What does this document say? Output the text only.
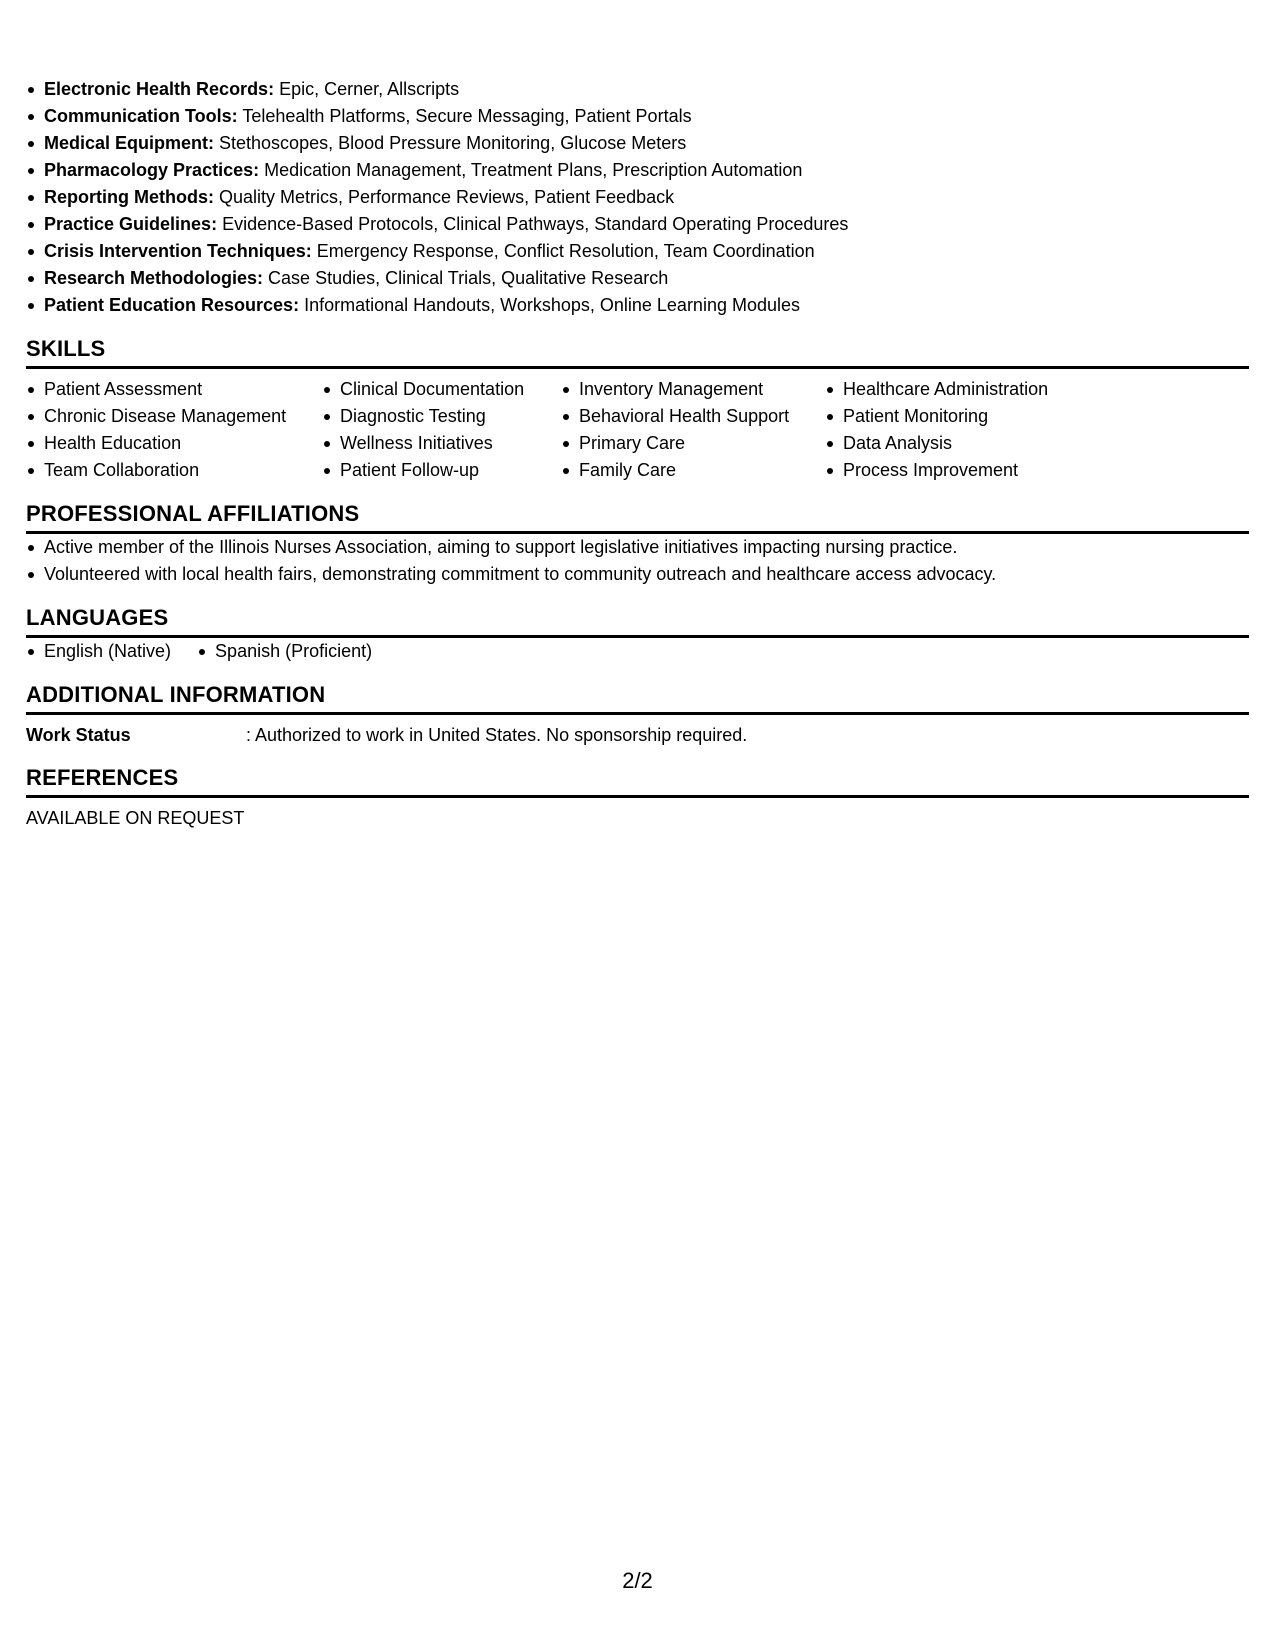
Electronic Health Records: Epic, Cerner, Allscripts
Communication Tools: Telehealth Platforms, Secure Messaging, Patient Portals
Medical Equipment: Stethoscopes, Blood Pressure Monitoring, Glucose Meters
Pharmacology Practices: Medication Management, Treatment Plans, Prescription Automation
Reporting Methods: Quality Metrics, Performance Reviews, Patient Feedback
Practice Guidelines: Evidence-Based Protocols, Clinical Pathways, Standard Operating Procedures
Crisis Intervention Techniques: Emergency Response, Conflict Resolution, Team Coordination
Research Methodologies: Case Studies, Clinical Trials, Qualitative Research
Patient Education Resources: Informational Handouts, Workshops, Online Learning Modules
SKILLS
Patient Assessment
Chronic Disease Management
Health Education
Team Collaboration
Clinical Documentation
Diagnostic Testing
Wellness Initiatives
Patient Follow-up
Inventory Management
Behavioral Health Support
Primary Care
Family Care
Healthcare Administration
Patient Monitoring
Data Analysis
Process Improvement
PROFESSIONAL AFFILIATIONS
Active member of the Illinois Nurses Association, aiming to support legislative initiatives impacting nursing practice.
Volunteered with local health fairs, demonstrating commitment to community outreach and healthcare access advocacy.
LANGUAGES
English (Native)	Spanish (Proficient)
ADDITIONAL INFORMATION
Work Status	: Authorized to work in United States. No sponsorship required.
REFERENCES
AVAILABLE ON REQUEST
2/2
